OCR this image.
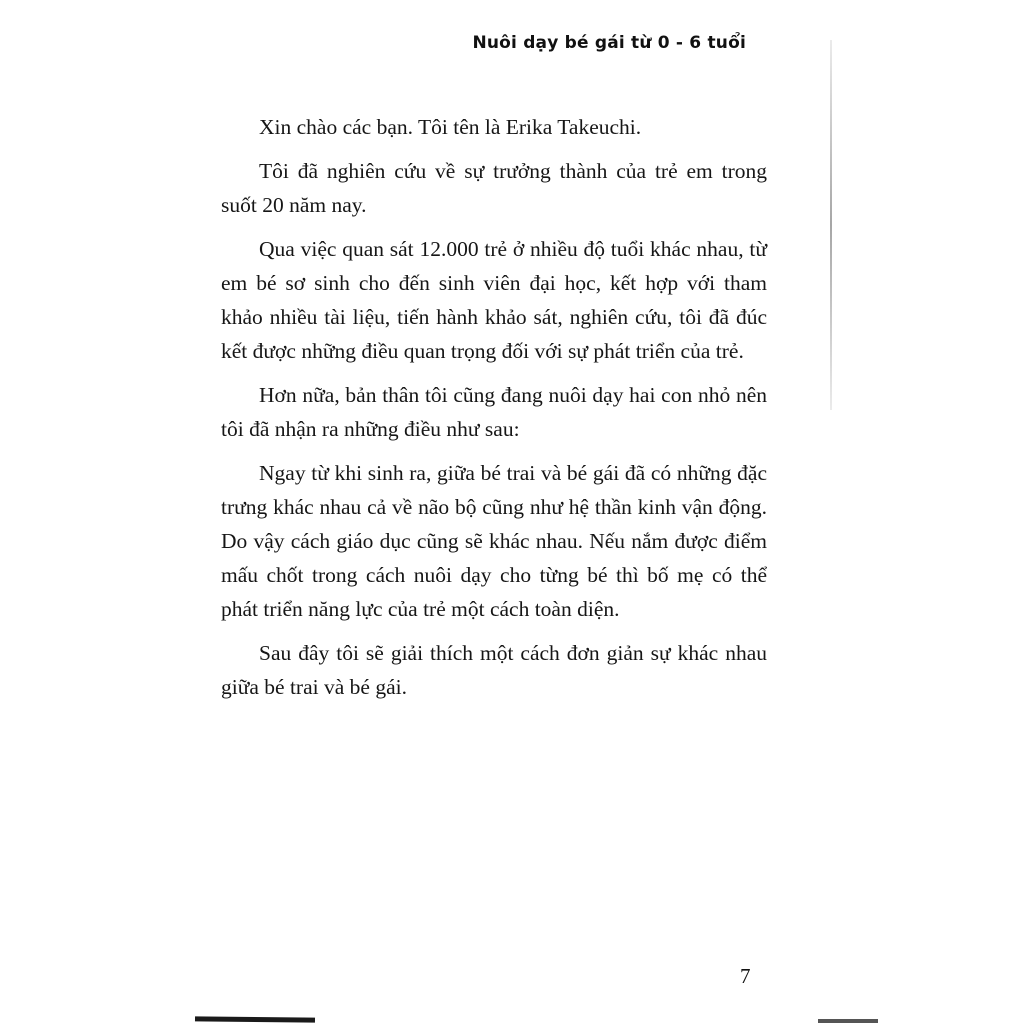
Nuôi dạy bé gái từ 0 - 6 tuổi

Xin chào các bạn. Tôi tên là Erika Takeuchi.

Tôi đã nghiên cứu về sự trưởng thành của trẻ em trong suốt 20 năm nay.

Qua việc quan sát 12.000 trẻ ở nhiều độ tuổi khác nhau, từ em bé sơ sinh cho đến sinh viên đại học, kết hợp với tham khảo nhiều tài liệu, tiến hành khảo sát, nghiên cứu, tôi đã đúc kết được những điều quan trọng đối với sự phát triển của trẻ.

Hơn nữa, bản thân tôi cũng đang nuôi dạy hai con nhỏ nên tôi đã nhận ra những điều như sau:

Ngay từ khi sinh ra, giữa bé trai và bé gái đã có những đặc trưng khác nhau cả về não bộ cũng như hệ thần kinh vận động. Do vậy cách giáo dục cũng sẽ khác nhau. Nếu nắm được điểm mấu chốt trong cách nuôi dạy cho từng bé thì bố mẹ có thể phát triển năng lực của trẻ một cách toàn diện.

Sau đây tôi sẽ giải thích một cách đơn giản sự khác nhau giữa bé trai và bé gái.

7
